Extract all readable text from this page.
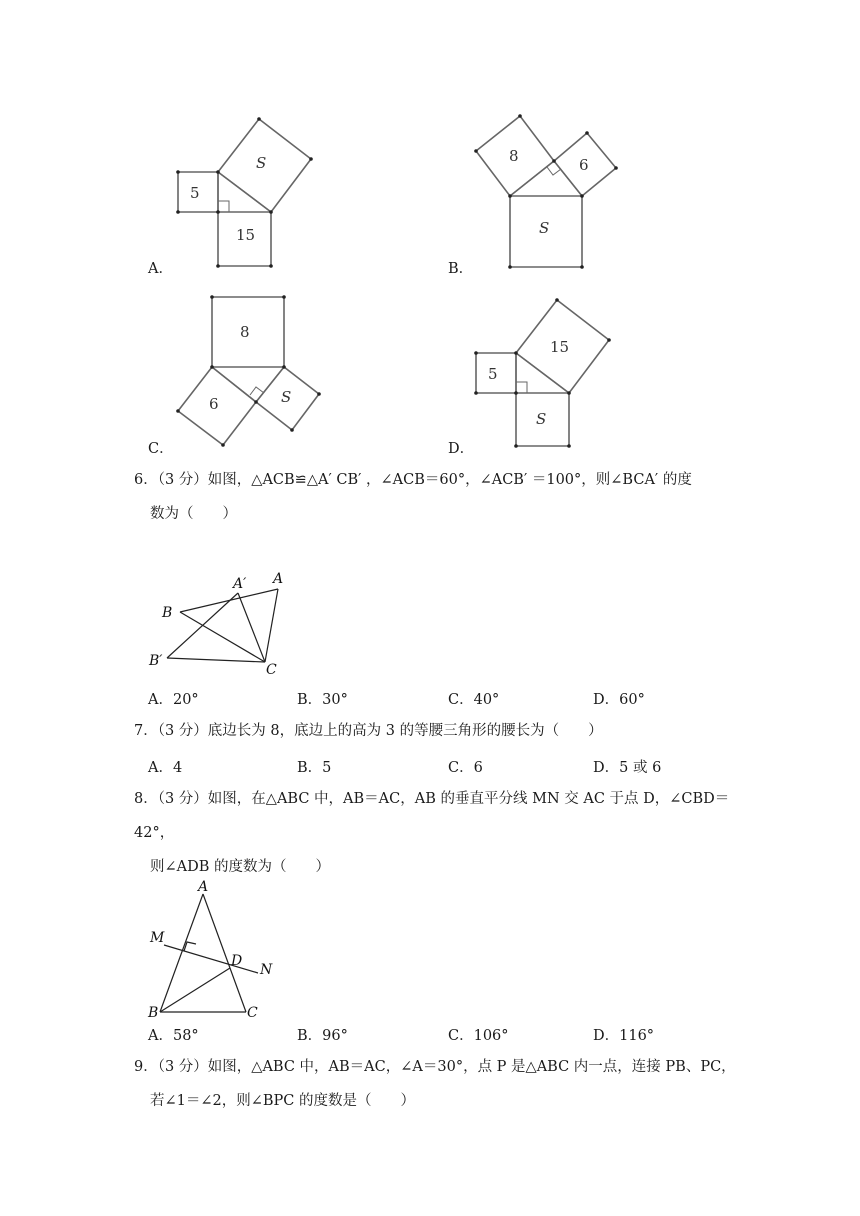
S
5
15
A．
8	6
S
B．
8
6	S
C．
15
5
S
D．
6．（3 分）如图，△ACB≌△A′ CB′ ，∠ACB＝60°，∠ACB′ ＝100°，则∠BCA′ 的度
数为（　　）
A′ A
B
B′
C
A．20°	B．30°	C．40°	D．60°
7．（3 分）底边长为 8，底边上的高为 3 的等腰三角形的腰长为（　　）
A．4	B．5	C．6	D．5 或 6
8．（3 分）如图，在△ABC 中，AB＝AC，AB 的垂直平分线 MN 交 AC 于点 D，∠CBD＝42°，
则∠ADB 的度数为（　　）
A
M
D
N
B	C
A．58°	B．96°	C．106°	D．116°
9．（3 分）如图，△ABC 中，AB＝AC，∠A＝30°，点 P 是△ABC 内一点，连接 PB、PC，
若∠1＝∠2，则∠BPC 的度数是（　　）
